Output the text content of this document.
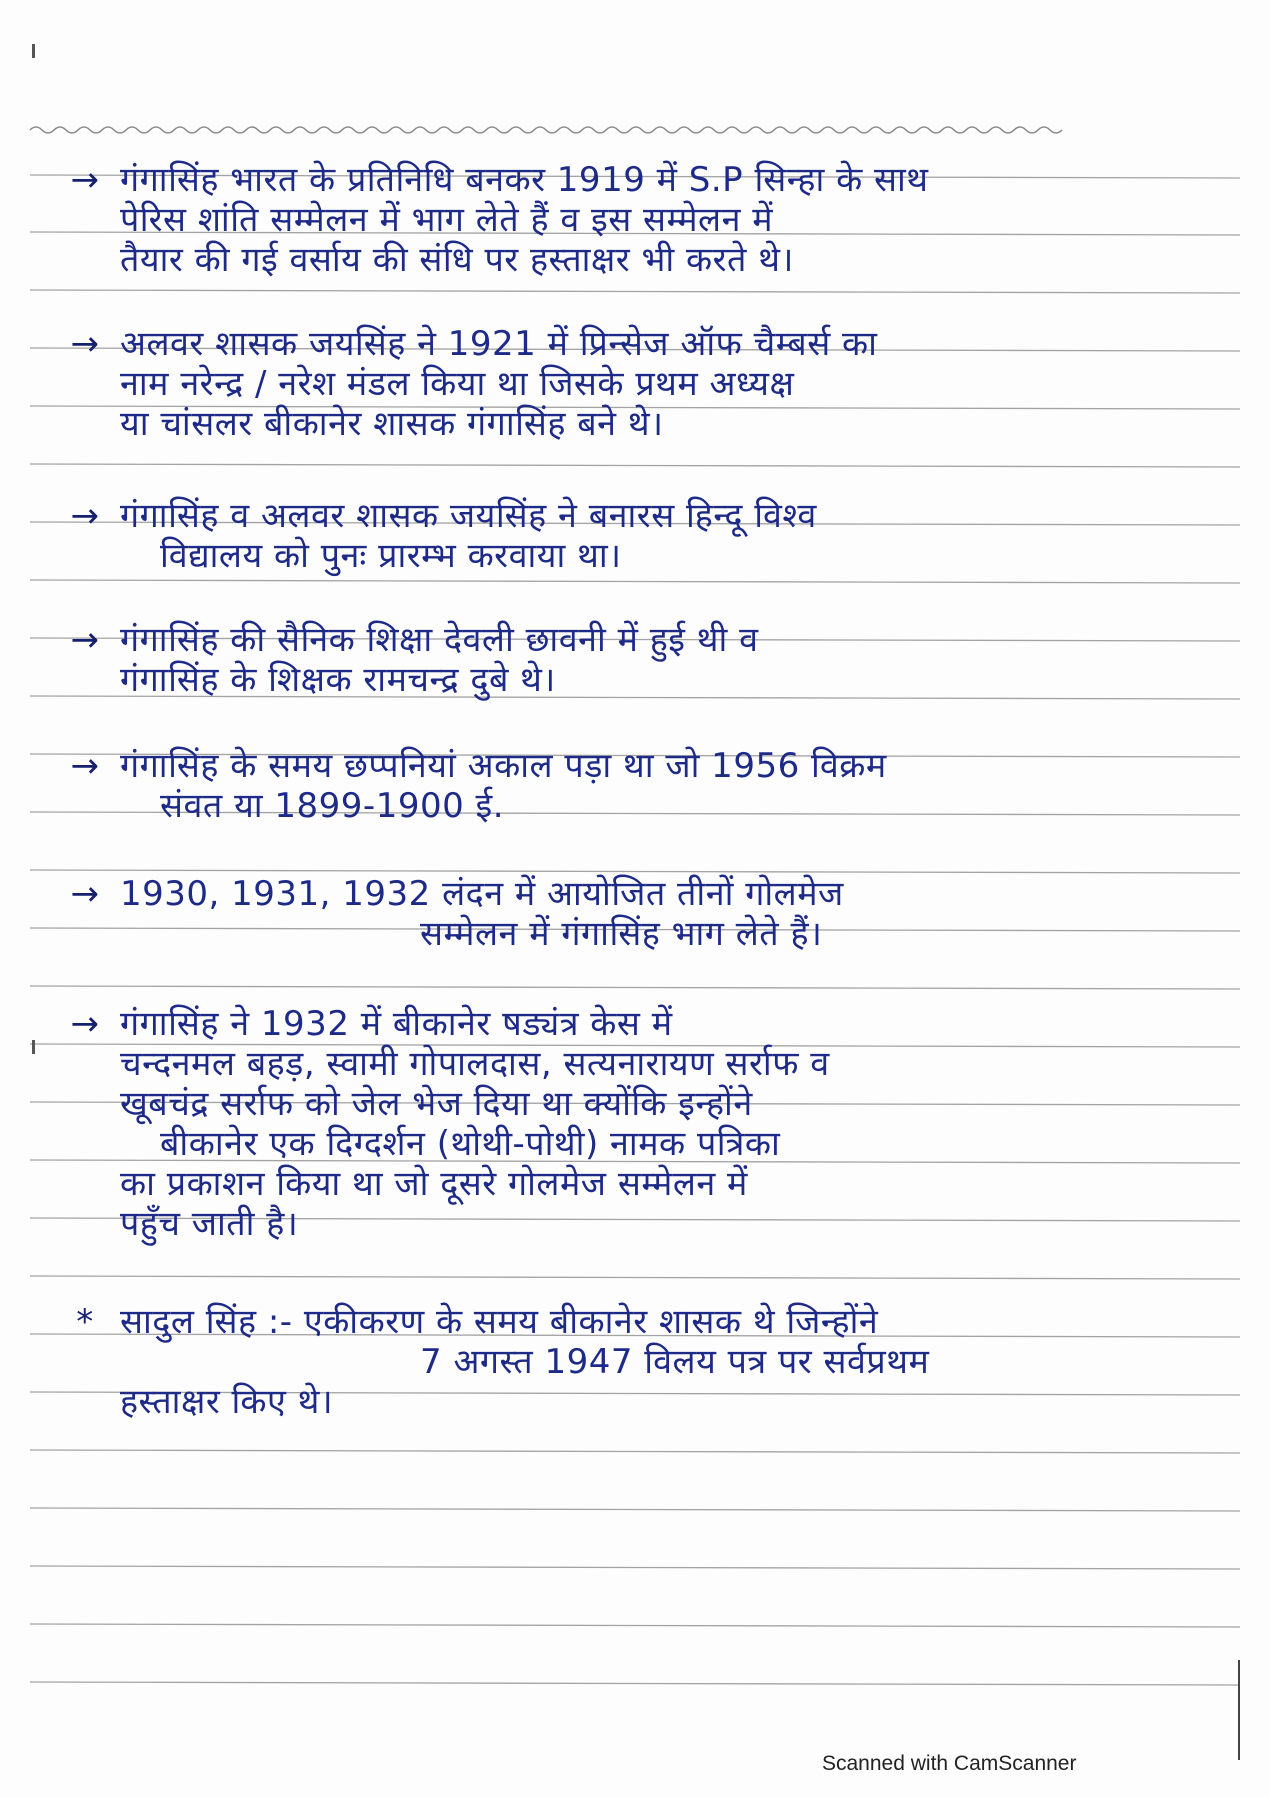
→ गंगासिंह भारत के प्रतिनिधि बनकर 1919 में S.P सिन्हा के साथ
पेरिस शांति सम्मेलन में भाग लेते हैं व इस सम्मेलन में
तैयार की गई वर्साय की संधि पर हस्ताक्षर भी करते थे।
→ अलवर शासक जयसिंह ने 1921 में प्रिन्सेज ऑफ चैम्बर्स का
नाम नरेन्द्र / नरेश मंडल किया था जिसके प्रथम अध्यक्ष
या चांसलर बीकानेर शासक गंगासिंह बने थे।
→ गंगासिंह व अलवर शासक जयसिंह ने बनारस हिन्दू विश्व
विद्यालय को पुनः प्रारम्भ करवाया था।
→ गंगासिंह की सैनिक शिक्षा देवली छावनी में हुई थी व
गंगासिंह के शिक्षक रामचन्द्र दुबे थे।
→ गंगासिंह के समय छप्पनियां अकाल पड़ा था जो 1956 विक्रम
संवत या 1899-1900 ई.
→ 1930, 1931, 1932 लंदन में आयोजित तीनों गोलमेज
सम्मेलन में गंगासिंह भाग लेते हैं।
→ गंगासिंह ने 1932 में बीकानेर षड्यंत्र केस में
चन्दनमल बहड़, स्वामी गोपालदास, सत्यनारायण सर्राफ व
खूबचंद्र सर्राफ को जेल भेज दिया था क्योंकि इन्होंने
बीकानेर एक दिग्दर्शन (थोथी-पोथी) नामक पत्रिका
का प्रकाशन किया था जो दूसरे गोलमेज सम्मेलन में
पहुँच जाती है।
* सादुल सिंह :- एकीकरण के समय बीकानेर शासक थे जिन्होंने
7 अगस्त 1947 विलय पत्र पर सर्वप्रथम
हस्ताक्षर किए थे।
Scanned with CamScanner
